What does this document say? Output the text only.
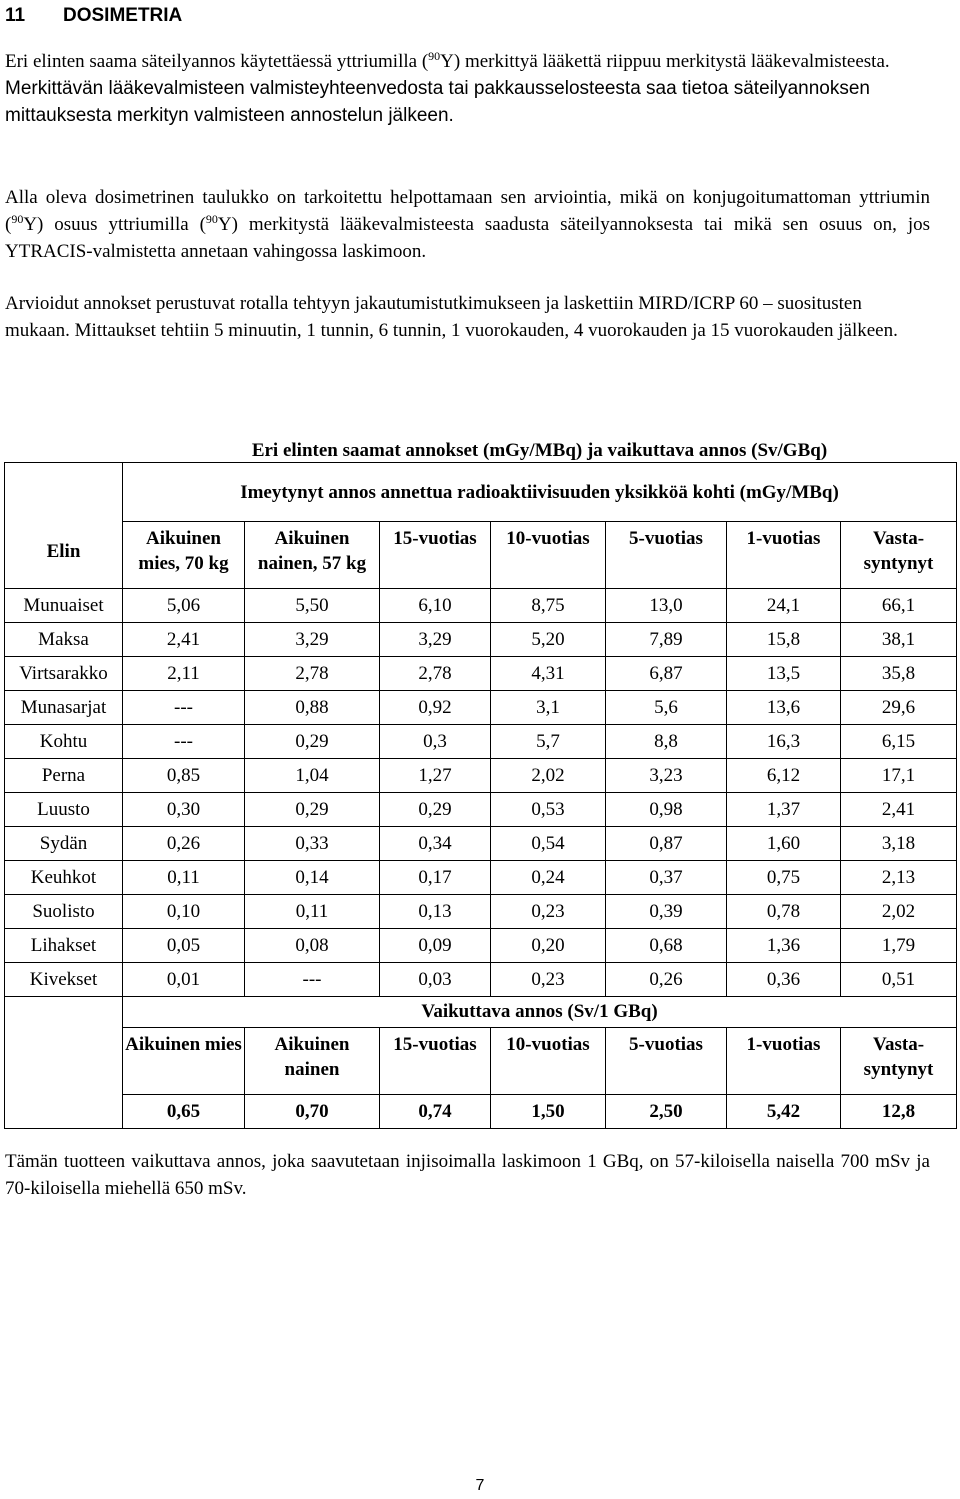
11 DOSIMETRIA

Eri elinten saama säteilyannos käytettäessä yttriumilla ($^{90}$Y) merkittyä lääkettä riippuu merkitystä lääkevalmisteesta.
Merkittävän lääkevalmisteen valmisteyhteenvedosta tai pakkausselosteesta saa tietoa säteilyannoksen mittauksesta merkityn valmisteen annostelun jälkeen.

Alla oleva dosimetrinen taulukko on tarkoitettu helpottamaan sen arviointia, mikä on konjugoitumattoman yttriumin ($^{90}$Y) osuus yttriumilla ($^{90}$Y) merkitystä lääkevalmisteesta saadusta säteilyannoksesta tai mikä sen osuus on, jos YTRACIS-valmistetta annetaan vahingossa laskimoon.

Arvioidut annokset perustuvat rotalla tehtyyn jakautumistutkimukseen ja laskettiin MIRD/ICRP 60 – suositusten mukaan. Mittaukset tehtiin 5 minuutin, 1 tunnin, 6 tunnin, 1 vuorokauden, 4 vuorokauden ja 15 vuorokauden jälkeen.

Eri elinten saamat annokset (mGy/MBq) ja vaikuttava annos (Sv/GBq)
Elin	Imeytynyt annos annettua radioaktiivisuuden yksikköä kohti (mGy/MBq)						
	Aikuinen mies, 70 kg	Aikuinen nainen, 57 kg	15-vuotias	10-vuotias	5-vuotias	1-vuotias	Vasta-syntynyt
Munuaiset	5,06	5,50	6,10	8,75	13,0	24,1	66,1
Maksa	2,41	3,29	3,29	5,20	7,89	15,8	38,1
Virtsarakko	2,11	2,78	2,78	4,31	6,87	13,5	35,8
Munasarjat	---	0,88	0,92	3,1	5,6	13,6	29,6
Kohtu	---	0,29	0,3	5,7	8,8	16,3	6,15
Perna	0,85	1,04	1,27	2,02	3,23	6,12	17,1
Luusto	0,30	0,29	0,29	0,53	0,98	1,37	2,41
Sydän	0,26	0,33	0,34	0,54	0,87	1,60	3,18
Keuhkot	0,11	0,14	0,17	0,24	0,37	0,75	2,13
Suolisto	0,10	0,11	0,13	0,23	0,39	0,78	2,02
Lihakset	0,05	0,08	0,09	0,20	0,68	1,36	1,79
Kivekset	0,01	---	0,03	0,23	0,26	0,36	0,51
	Vaikuttava annos (Sv/1 GBq)						
	Aikuinen mies	Aikuinen nainen	15-vuotias	10-vuotias	5-vuotias	1-vuotias	Vasta-syntynyt
	0,65	0,70	0,74	1,50	2,50	5,42	12,8

Tämän tuotteen vaikuttava annos, joka saavutetaan injisoimalla laskimoon 1 GBq, on 57-kiloisella naisella 700 mSv ja 70-kiloisella miehellä 650 mSv.

7
